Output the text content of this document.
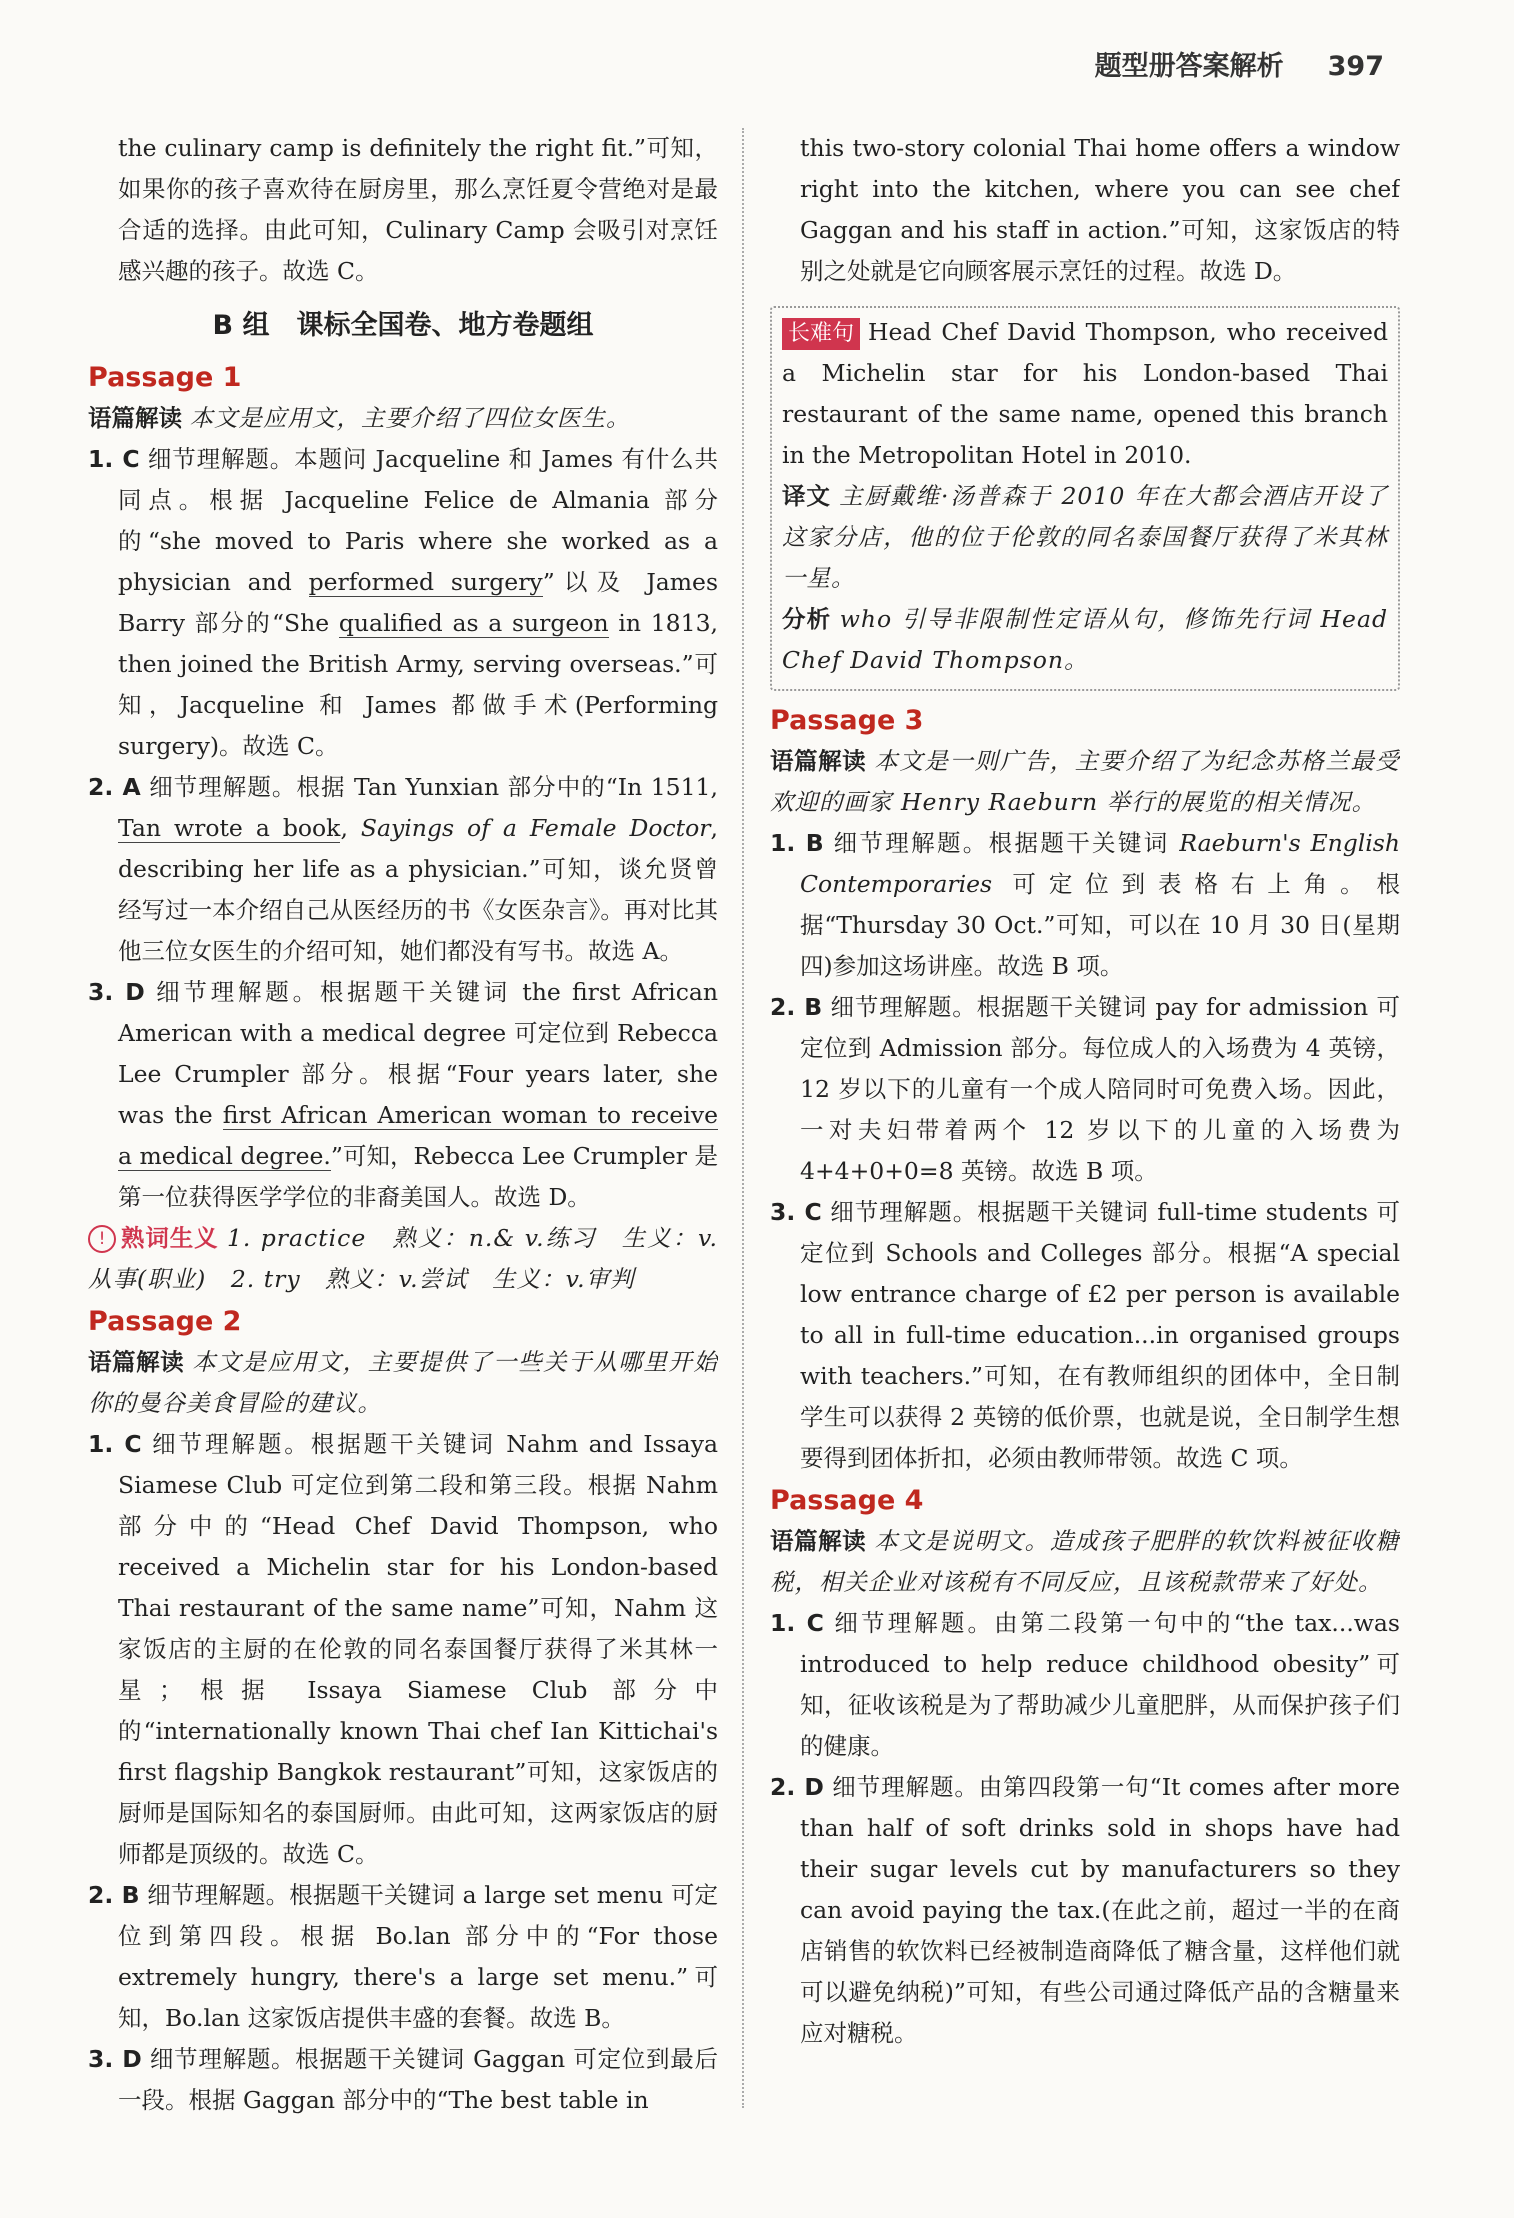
题型册答案解析 397

the culinary camp is definitely the right fit.”可知，如果你的孩子喜欢待在厨房里，那么烹饪夏令营绝对是最合适的选择。由此可知，Culinary Camp 会吸引对烹饪感兴趣的孩子。故选 C。

B 组　课标全国卷、地方卷题组
Passage 1

语篇解读 本文是应用文，主要介绍了四位女医生。

1. C 细节理解题。本题问 Jacqueline 和 James 有什么共同点。根据 Jacqueline Felice de Almania 部分的“she moved to Paris where she worked as a physician and performed surgery”以及 James Barry 部分的“She qualified as a surgeon in 1813, then joined the British Army, serving overseas.”可知，Jacqueline 和 James 都做手术(Performing surgery)。故选 C。

2. A 细节理解题。根据 Tan Yunxian 部分中的“In 1511, Tan wrote a book, Sayings of a Female Doctor, describing her life as a physician.”可知，谈允贤曾经写过一本介绍自己从医经历的书《女医杂言》。再对比其他三位女医生的介绍可知，她们都没有写书。故选 A。

3. D 细节理解题。根据题干关键词 the first African American with a medical degree 可定位到 Rebecca Lee Crumpler 部分。根据“Four years later, she was the first African American woman to receive a medical degree.”可知，Rebecca Lee Crumpler 是第一位获得医学学位的非裔美国人。故选 D。

! 熟词生义 1. practice　熟义：n.& v.练习　生义：v.从事(职业)　2. try　熟义：v.尝试　生义：v.审判

Passage 2

语篇解读 本文是应用文，主要提供了一些关于从哪里开始你的曼谷美食冒险的建议。

1. C 细节理解题。根据题干关键词 Nahm and Issaya Siamese Club 可定位到第二段和第三段。根据 Nahm 部分中的“Head Chef David Thompson, who received a Michelin star for his London-based Thai restaurant of the same name”可知，Nahm 这家饭店的主厨的在伦敦的同名泰国餐厅获得了米其林一星；根据 Issaya Siamese Club 部分中的“internationally known Thai chef Ian Kittichai's first flagship Bangkok restaurant”可知，这家饭店的厨师是国际知名的泰国厨师。由此可知，这两家饭店的厨师都是顶级的。故选 C。

2. B 细节理解题。根据题干关键词 a large set menu 可定位到第四段。根据 Bo.lan 部分中的“For those extremely hungry, there's a large set menu.”可知，Bo.lan 这家饭店提供丰盛的套餐。故选 B。

3. D 细节理解题。根据题干关键词 Gaggan 可定位到最后一段。根据 Gaggan 部分中的“The best table in

this two-story colonial Thai home offers a window right into the kitchen, where you can see chef Gaggan and his staff in action.”可知，这家饭店的特别之处就是它向顾客展示烹饪的过程。故选 D。

长难句 Head Chef David Thompson, who received a Michelin star for his London-based Thai restaurant of the same name, opened this branch in the Metropolitan Hotel in 2010.

译文 主厨戴维·汤普森于 2010 年在大都会酒店开设了这家分店，他的位于伦敦的同名泰国餐厅获得了米其林一星。

分析 who 引导非限制性定语从句，修饰先行词 Head Chef David Thompson。

Passage 3

语篇解读 本文是一则广告，主要介绍了为纪念苏格兰最受欢迎的画家 Henry Raeburn 举行的展览的相关情况。

1. B 细节理解题。根据题干关键词 Raeburn's English Contemporaries 可定位到表格右上角。根据“Thursday 30 Oct.”可知，可以在 10 月 30 日(星期四)参加这场讲座。故选 B 项。

2. B 细节理解题。根据题干关键词 pay for admission 可定位到 Admission 部分。每位成人的入场费为 4 英镑，12 岁以下的儿童有一个成人陪同时可免费入场。因此，一对夫妇带着两个 12 岁以下的儿童的入场费为 4+4+0+0=8 英镑。故选 B 项。

3. C 细节理解题。根据题干关键词 full-time students 可定位到 Schools and Colleges 部分。根据“A special low entrance charge of £2 per person is available to all in full-time education...in organised groups with teachers.”可知，在有教师组织的团体中，全日制学生可以获得 2 英镑的低价票，也就是说，全日制学生想要得到团体折扣，必须由教师带领。故选 C 项。

Passage 4

语篇解读 本文是说明文。造成孩子肥胖的软饮料被征收糖税，相关企业对该税有不同反应，且该税款带来了好处。

1. C 细节理解题。由第二段第一句中的“the tax...was introduced to help reduce childhood obesity”可知，征收该税是为了帮助减少儿童肥胖，从而保护孩子们的健康。

2. D 细节理解题。由第四段第一句“It comes after more than half of soft drinks sold in shops have had their sugar levels cut by manufacturers so they can avoid paying the tax.(在此之前，超过一半的在商店销售的软饮料已经被制造商降低了糖含量，这样他们就可以避免纳税)”可知，有些公司通过降低产品的含糖量来应对糖税。
